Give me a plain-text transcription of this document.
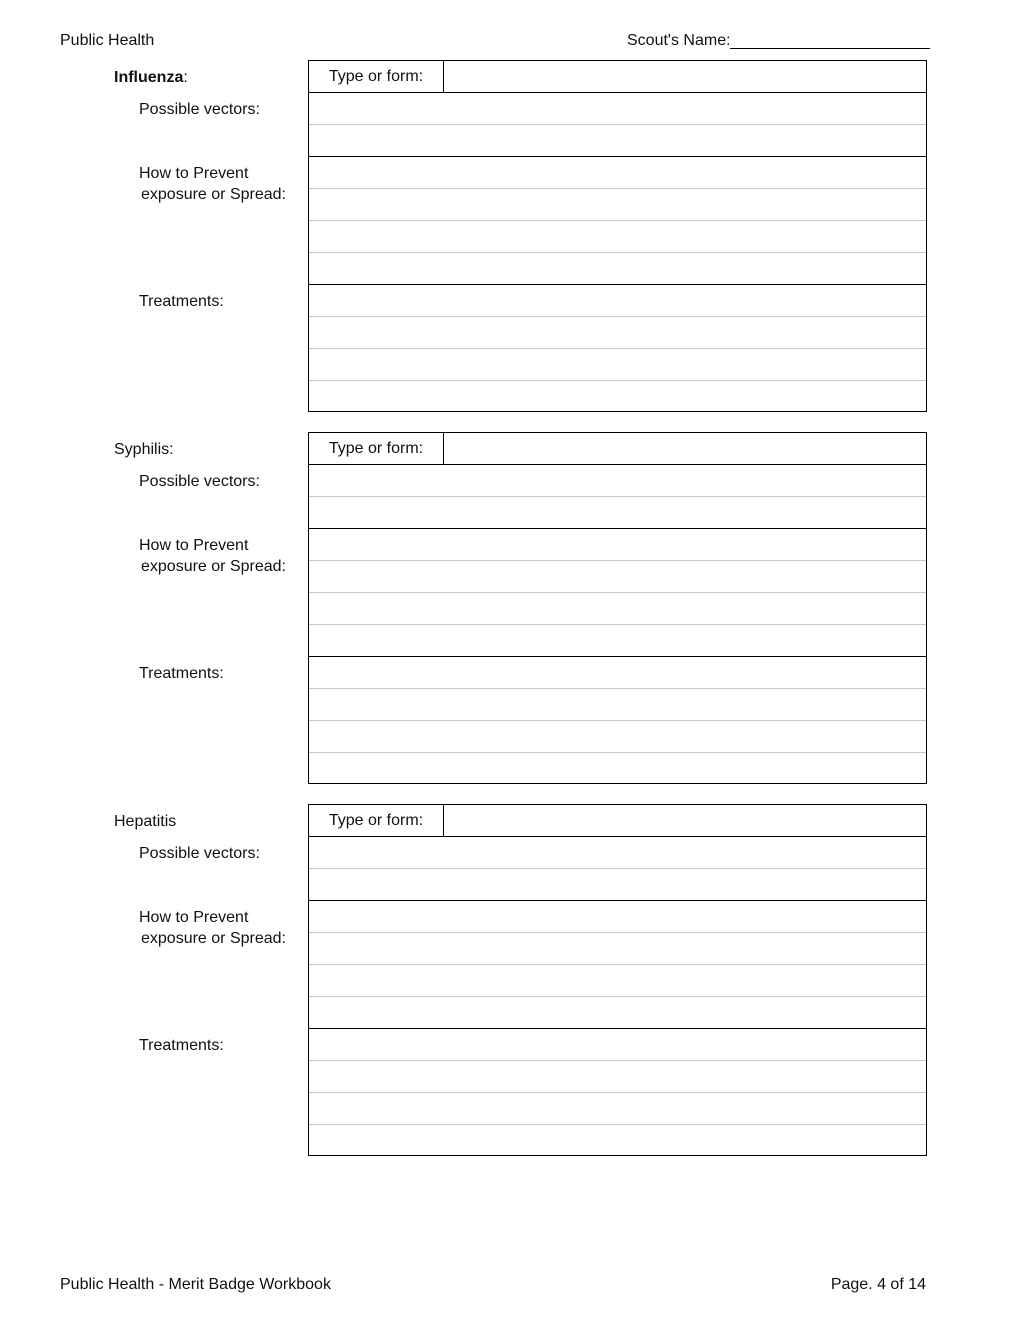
Public Health	Scout's Name:
Influenza:
Possible vectors:
How to Prevent
exposure or Spread:
Treatments:
Type or form:
Syphilis:
Possible vectors:
How to Prevent
exposure or Spread:
Treatments:
Type or form:
Hepatitis
Possible vectors:
How to Prevent
exposure or Spread:
Treatments:
Type or form:
Public Health - Merit Badge Workbook	Page. 4 of 14
